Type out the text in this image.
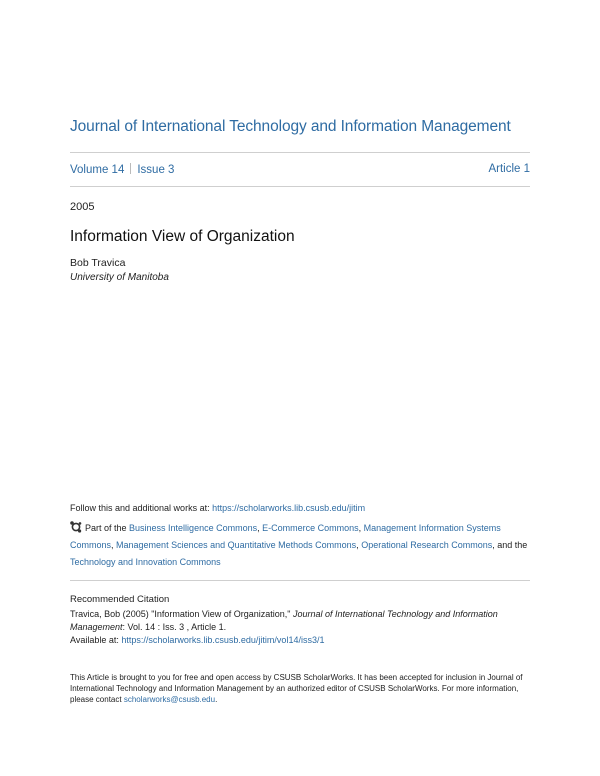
Journal of International Technology and Information Management
Volume 14 Issue 3	Article 1
2005
Information View of Organization
Bob Travica
University of Manitoba
Follow this and additional works at: https://scholarworks.lib.csusb.edu/jitim
Part of the Business Intelligence Commons, E-Commerce Commons, Management Information Systems Commons, Management Sciences and Quantitative Methods Commons, Operational Research Commons, and the Technology and Innovation Commons
Recommended Citation
Travica, Bob (2005) "Information View of Organization," Journal of International Technology and Information Management: Vol. 14 : Iss. 3 , Article 1.
Available at: https://scholarworks.lib.csusb.edu/jitim/vol14/iss3/1
This Article is brought to you for free and open access by CSUSB ScholarWorks. It has been accepted for inclusion in Journal of International Technology and Information Management by an authorized editor of CSUSB ScholarWorks. For more information, please contact scholarworks@csusb.edu.
